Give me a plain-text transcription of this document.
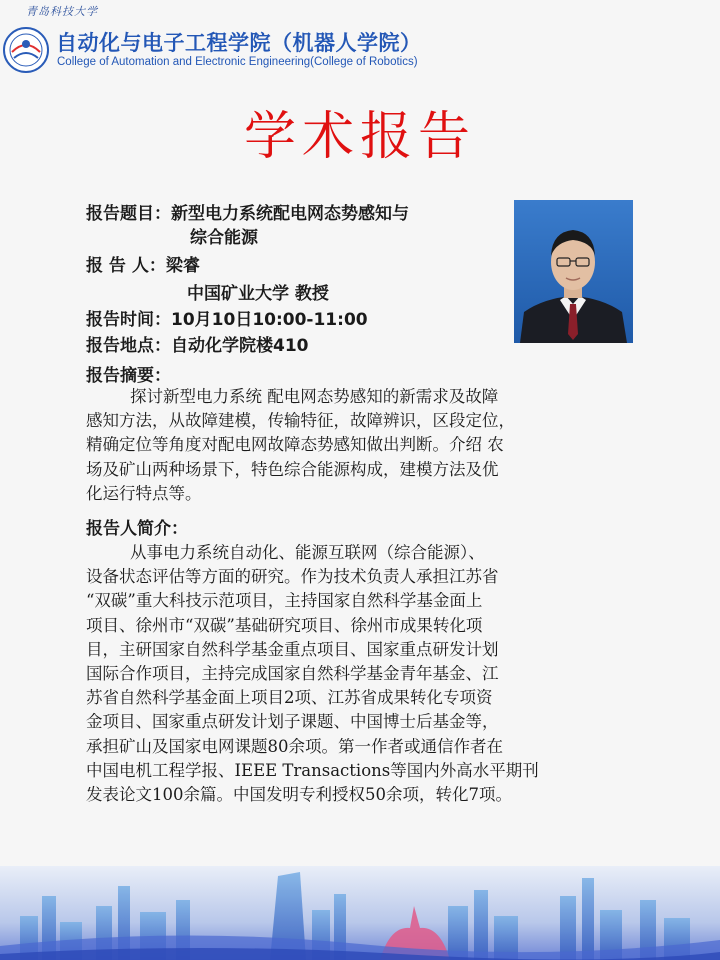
青岛科技大学
自动化与电子工程学院（机器人学院）
College of Automation and Electronic Engineering(College of Robotics)
学术报告
报告题目：新型电力系统配电网态势感知与
综合能源
报 告 人：梁睿
中国矿业大学 教授
报告时间：10月10日10:00-11:00
报告地点：自动化学院楼410
报告摘要：
探讨新型电力系统 配电网态势感知的新需求及故障
感知方法，从故障建模，传输特征，故障辨识，区段定位，
精确定位等角度对配电网故障态势感知做出判断。介绍 农
场及矿山两种场景下，特色综合能源构成，建模方法及优
化运行特点等。
报告人简介：
从事电力系统自动化、能源互联网（综合能源）、
设备状态评估等方面的研究。作为技术负责人承担江苏省
“双碳”重大科技示范项目，主持国家自然科学基金面上
项目、徐州市“双碳”基础研究项目、徐州市成果转化项
目，主研国家自然科学基金重点项目、国家重点研发计划
国际合作项目，主持完成国家自然科学基金青年基金、江
苏省自然科学基金面上项目2项、江苏省成果转化专项资
金项目、国家重点研发计划子课题、中国博士后基金等，
承担矿山及国家电网课题80余项。第一作者或通信作者在
中国电机工程学报、IEEE Transactions等国内外高水平期刊
发表论文100余篇。中国发明专利授权50余项，转化7项。
